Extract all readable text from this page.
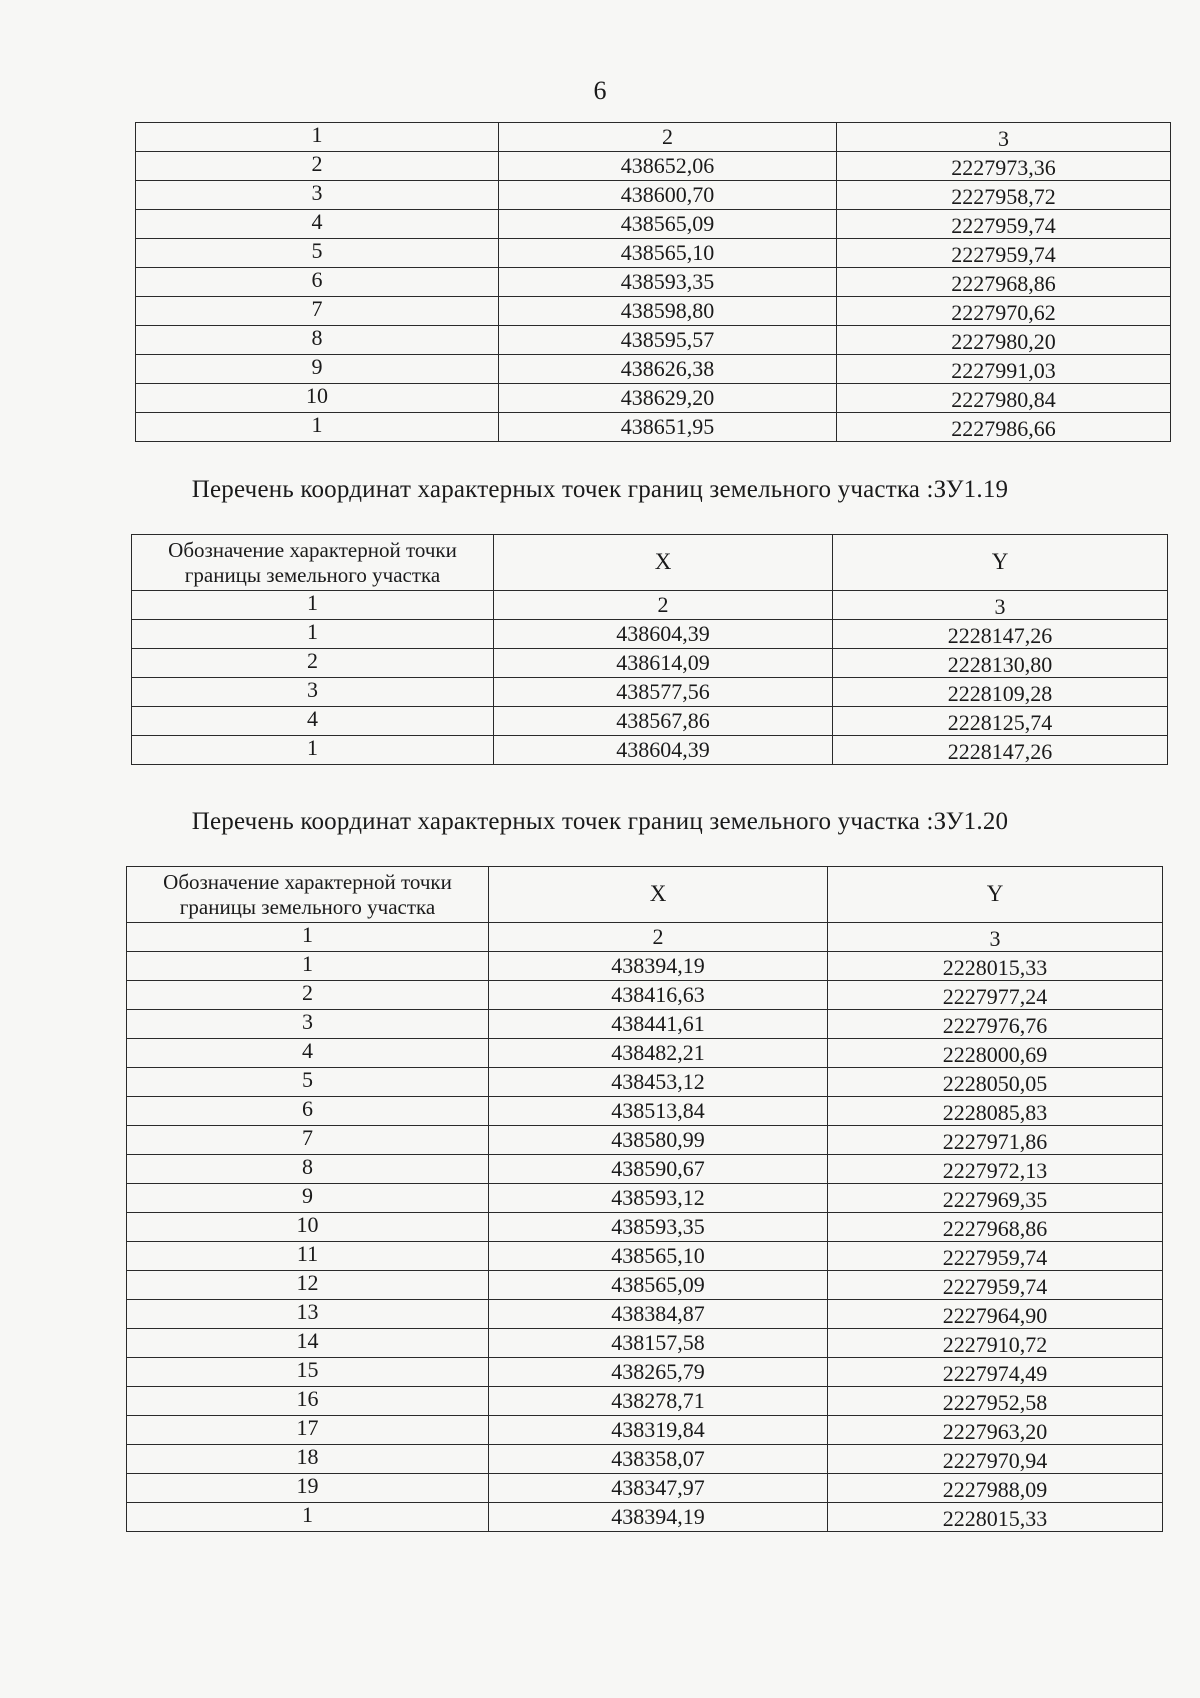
6
1	2	3
2	438652,06	2227973,36
3	438600,70	2227958,72
4	438565,09	2227959,74
5	438565,10	2227959,74
6	438593,35	2227968,86
7	438598,80	2227970,62
8	438595,57	2227980,20
9	438626,38	2227991,03
10	438629,20	2227980,84
1	438651,95	2227986,66
Перечень координат характерных точек границ земельного участка :ЗУ1.19
Обозначение характерной точки границы земельного участка	X	Y
1	2	3
1	438604,39	2228147,26
2	438614,09	2228130,80
3	438577,56	2228109,28
4	438567,86	2228125,74
1	438604,39	2228147,26
Перечень координат характерных точек границ земельного участка :ЗУ1.20
Обозначение характерной точки границы земельного участка	X	Y
1	2	3
1	438394,19	2228015,33
2	438416,63	2227977,24
3	438441,61	2227976,76
4	438482,21	2228000,69
5	438453,12	2228050,05
6	438513,84	2228085,83
7	438580,99	2227971,86
8	438590,67	2227972,13
9	438593,12	2227969,35
10	438593,35	2227968,86
11	438565,10	2227959,74
12	438565,09	2227959,74
13	438384,87	2227964,90
14	438157,58	2227910,72
15	438265,79	2227974,49
16	438278,71	2227952,58
17	438319,84	2227963,20
18	438358,07	2227970,94
19	438347,97	2227988,09
1	438394,19	2228015,33
